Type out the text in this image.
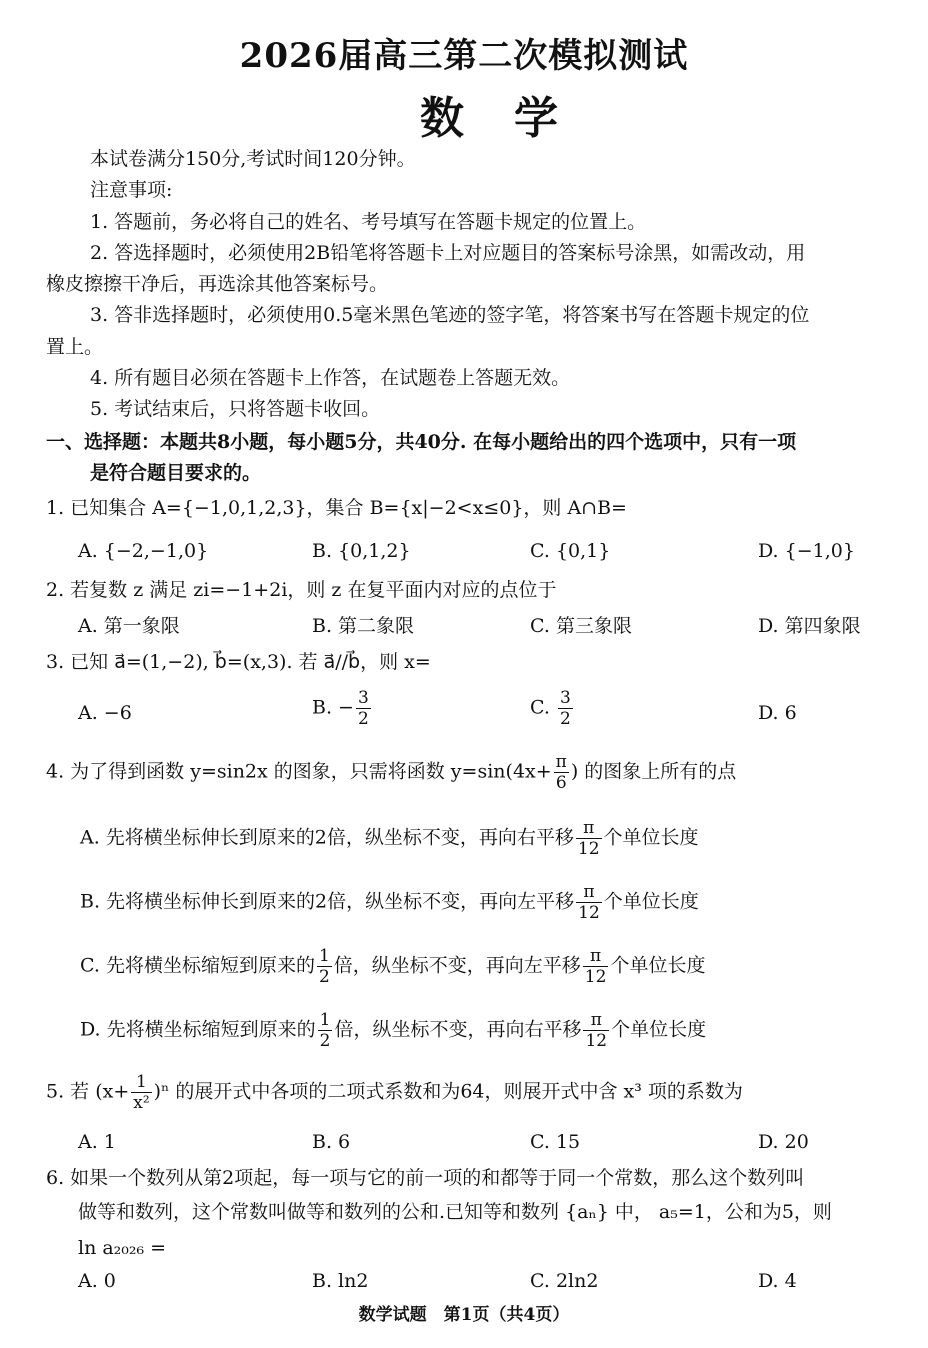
2026届高三第二次模拟测试
数学
本试卷满分150分,考试时间120分钟。
注意事项:
1. 答题前，务必将自己的姓名、考号填写在答题卡规定的位置上。
2. 答选择题时，必须使用2B铅笔将答题卡上对应题目的答案标号涂黑，如需改动，用
橡皮擦擦干净后，再选涂其他答案标号。
3. 答非选择题时，必须使用0.5毫米黑色笔迹的签字笔，将答案书写在答题卡规定的位
置上。
4. 所有题目必须在答题卡上作答，在试题卷上答题无效。
5. 考试结束后，只将答题卡收回。
一、选择题：本题共8小题，每小题5分，共40分. 在每小题给出的四个选项中，只有一项
是符合题目要求的。
1. 已知集合 A={−1,0,1,2,3}，集合 B={x|−2<x≤0}，则 A∩B=
A. {−2,−1,0}	B. {0,1,2}	C. {0,1}	D. {−1,0}
2. 若复数 z 满足 zi=−1+2i，则 z 在复平面内对应的点位于
A. 第一象限	B. 第二象限	C. 第三象限	D. 第四象限
3. 已知 a⃗=(1,−2), b⃗=(x,3). 若 a⃗//b⃗，则 x=
A. −6	B. − $\frac{3}{2}$	C. $\frac{3}{2}$	D. 6
4. 为了得到函数 y=sin2x 的图象，只需将函数 $y=\sin(4x+ \frac{\pi}{6}$ ) 的图象上所有的点
A. 先将横坐标伸长到原来的2倍，纵坐标不变，再向右平移 $\frac{\pi}{12}$ 个单位长度
B. 先将横坐标伸长到原来的2倍，纵坐标不变，再向左平移 $\frac{\pi}{12}$ 个单位长度
C. 先将横坐标缩短到原来的 $\frac{1}{2}$ 倍，纵坐标不变，再向左平移 $\frac{\pi}{12}$ 个单位长度
D. 先将横坐标缩短到原来的 $\frac{1}{2}$ 倍，纵坐标不变，再向右平移 $\frac{\pi}{12}$ 个单位长度
5. 若 $(x+ \frac{1}{\text{x²}} )^n$ 的展开式中各项的二项式系数和为64，则展开式中含 x³ 项的系数为
A. 1	B. 6	C. 15	D. 20
6. 如果一个数列从第2项起，每一项与它的前一项的和都等于同一个常数，那么这个数列叫
做等和数列，这个常数叫做等和数列的公和.已知等和数列 {aₙ} 中， a₅=1，公和为5，则
ln a₂₀₂₆ =
A. 0	B. ln2	C. 2ln2	D. 4
数学试题　第1页（共4页）
